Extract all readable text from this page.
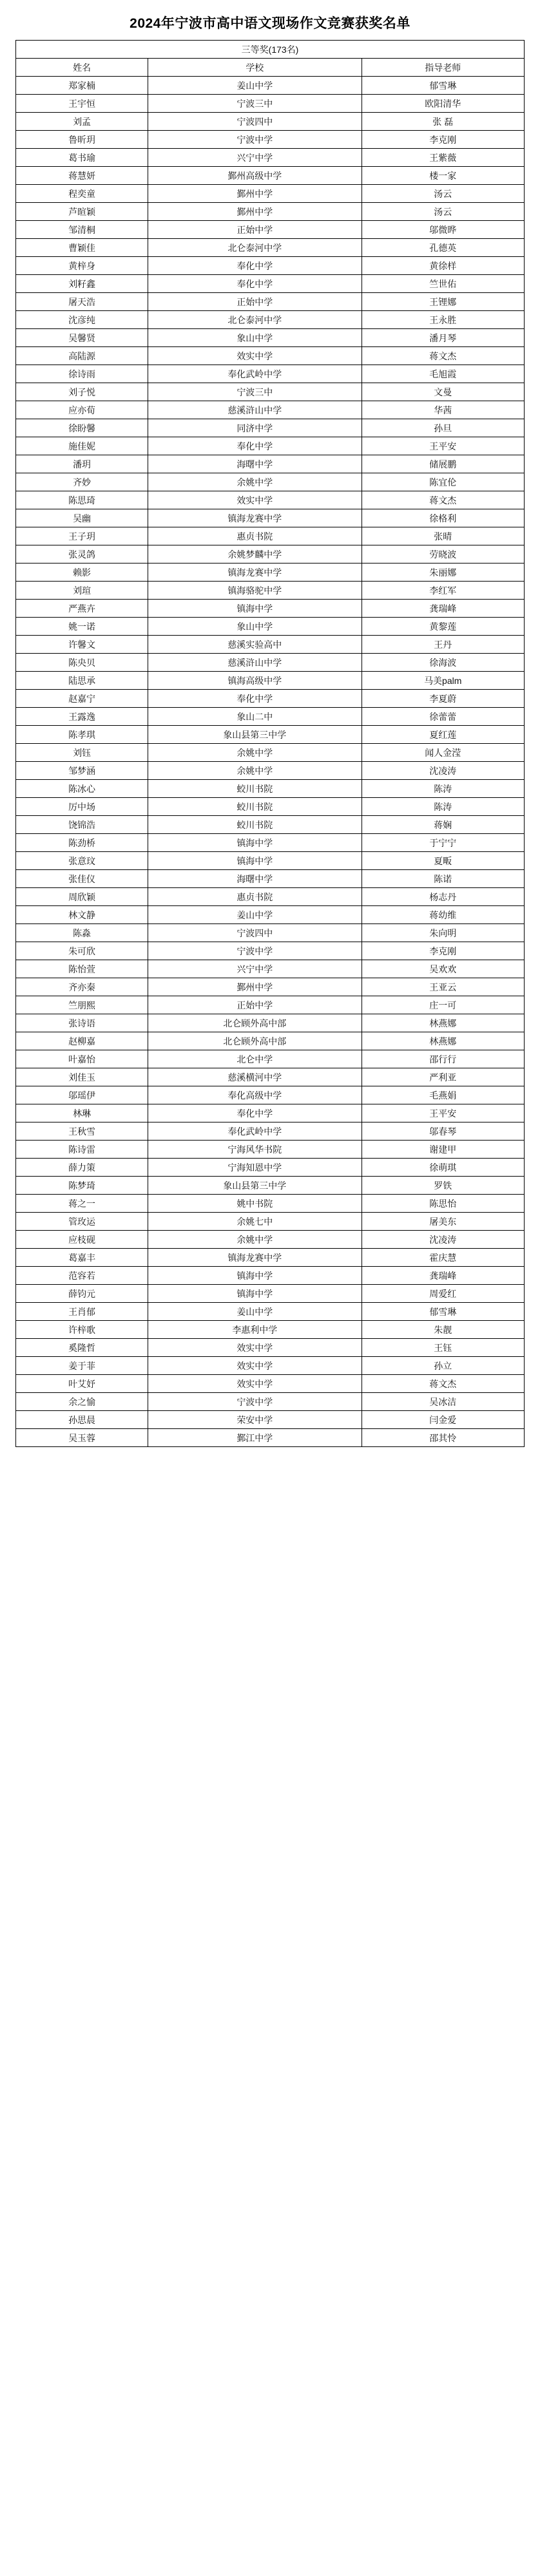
2024年宁波市高中语文现场作文竞赛获奖名单
三等奖(173名)		
姓名	学校	指导老师
郑家楠	姜山中学	郁雪琳
王宇恒	宁波三中	欧阳清华
刘孟	宁波四中	张 磊
鲁昕玥	宁波中学	李克刚
葛书瑜	兴宁中学	王紫薇
蒋慧妍	鄞州高级中学	楼一家
程奕童	鄞州中学	汤云
芦暄颖	鄞州中学	汤云
邹清桐	正始中学	邬微晔
曹颖佳	北仑泰河中学	孔德英
黄梓身	奉化中学	黄徐样
刘籽鑫	奉化中学	竺世佑
屠天浩	正始中学	王锂娜
沈彦纯	北仑泰河中学	王永胜
吴馨贤	象山中学	潘月琴
高陆源	效实中学	蒋文杰
徐诗雨	奉化武岭中学	毛旭霞
刘子悦	宁波三中	文曼
应亦荀	慈溪浒山中学	华茜
徐盼馨	同济中学	孙旦
施佳妮	奉化中学	王平安
潘玥	海曙中学	储展鹏
齐妙	余姚中学	陈宜伦
陈思琦	效实中学	蒋文杰
吴幽	镇海龙赛中学	徐格利
王子玥	惠贞书院	张晴
张灵鸽	余姚梦麟中学	劳晓波
赖影	镇海龙赛中学	朱丽娜
刘瑄	镇海骆驼中学	李红军
严燕卉	镇海中学	龚瑞峰
姚一诺	象山中学	黄黎莲
许馨文	慈溪实验高中	王丹
陈央贝	慈溪浒山中学	徐海波
陆思承	镇海高级中学	马美palm
赵嘉宁	奉化中学	李夏蔚
王露逸	象山二中	徐蕾蕾
陈孝琪	象山县第三中学	夏红莲
刘钰	余姚中学	闻人金滢
邹梦涵	余姚中学	沈凌涛
陈冰心	蛟川书院	陈涛
厉中场	蛟川书院	陈涛
饶锦浩	蛟川书院	蒋娴
陈劲桥	镇海中学	于宁宁
张意玟	镇海中学	夏畈
张佳仪	海曙中学	陈诺
周欣颖	惠贞书院	杨志丹
林文静	姜山中学	蒋幼维
陈淼	宁波四中	朱向明
朱可欣	宁波中学	李克刚
陈怡萱	兴宁中学	吴欢欢
齐亦秦	鄞州中学	王亚云
竺朋熙	正始中学	庄一可
张诗语	北仑顾外高中部	林燕娜
赵柳嘉	北仑顾外高中部	林燕娜
叶嘉怡	北仑中学	邵行行
刘佳玉	慈溪横河中学	严利亚
邬瑶伊	奉化高级中学	毛燕娟
林琳	奉化中学	王平安
王秋雪	奉化武岭中学	邬春琴
陈诗雷	宁海风华书院	谢建甲
薛力策	宁海知恩中学	徐萌琪
陈梦琦	象山县第三中学	罗铁
蒋之一	姚中书院	陈思怡
管玫运	余姚七中	屠美东
应枝砚	余姚中学	沈凌涛
葛嘉丰	镇海龙赛中学	霍庆慧
范容若	镇海中学	龚瑞峰
薛钧元	镇海中学	周爱红
王肖郁	姜山中学	郁雪琳
许梓歌	李惠利中学	朱靓
奚隆哲	效实中学	王钰
姜于菲	效实中学	孙立
叶艾妤	效实中学	蒋文杰
余之愉	宁波中学	吴冰洁
孙思晨	荣安中学	闫金爱
吴玉蓉	鄞江中学	邵其怜
